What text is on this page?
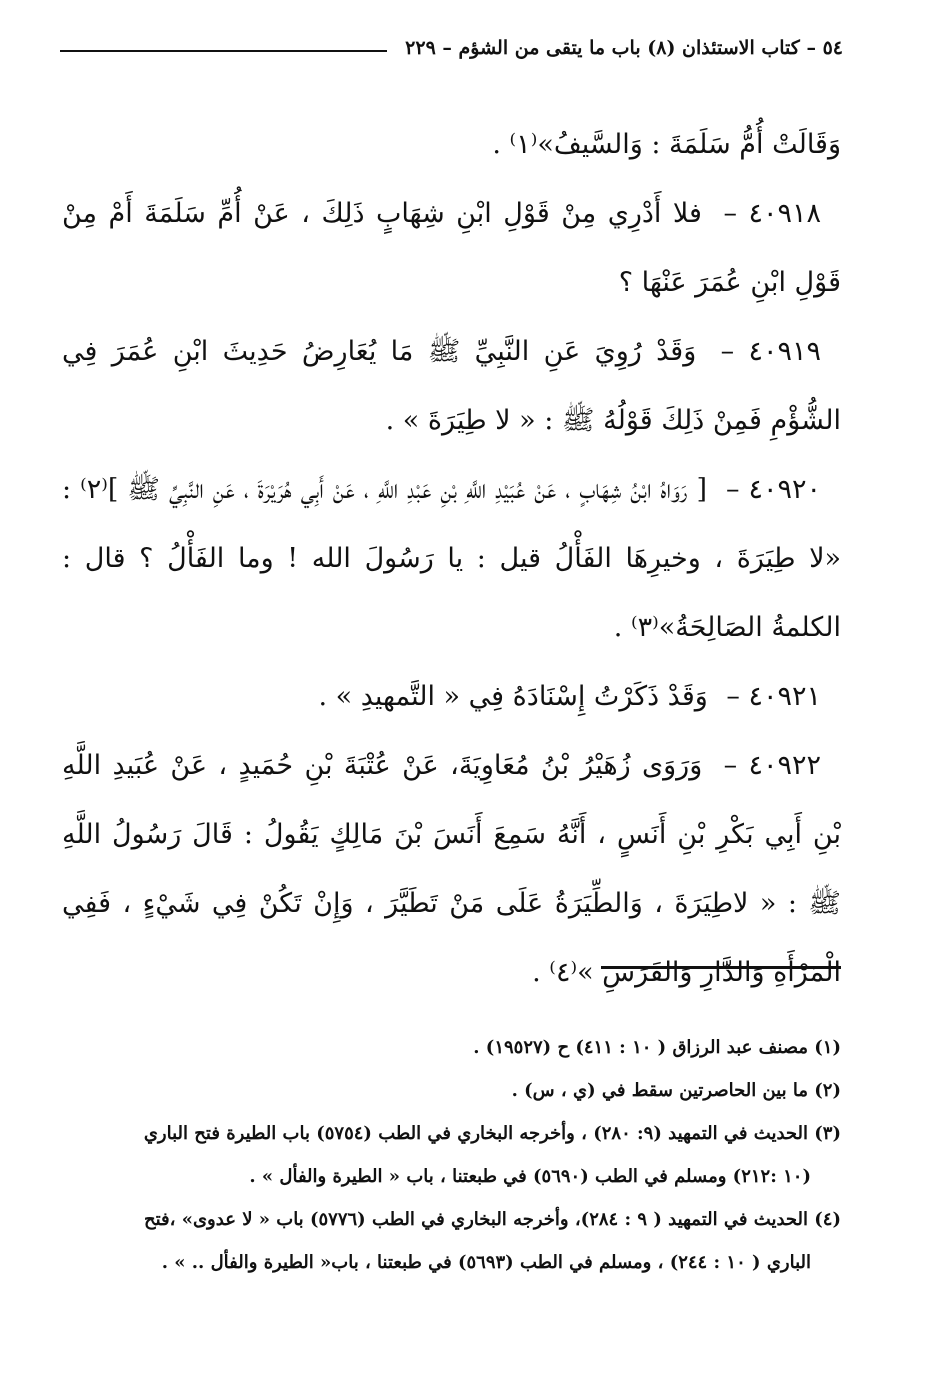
٥٤ – كتاب الاستئذان (٨) باب ما يتقى من الشؤم – ٢٢٩

وَقَالَتْ أُمُّ سَلَمَةَ : وَالسَّيفُ»⁽١⁾ .

٤٠٩١٨ – فلا أَدْرِي مِنْ قَوْلِ ابْنِ شِهَابٍ ذَلِكَ ، عَنْ أُمِّ سَلَمَةَ أَمْ مِنْ قَوْلِ ابْنِ عُمَرَ عَنْهَا ؟

٤٠٩١٩ – وَقَدْ رُوِيَ عَنِ النَّبِيِّ ﷺ مَا يُعَارِضُ حَدِيثَ ابْنِ عُمَرَ فِي الشُّؤْمِ فَمِنْ ذَلِكَ قَوْلُهُ ﷺ : « لا طِيَرَةَ » .

٤٠٩٢٠ – [ رَوَاهُ ابْنُ شِهَابٍ ، عَنْ عُبَيْدِ اللَّهِ بْنِ عَبْدِ اللَّهِ ، عَنْ أَبِي هُرَيْرَةَ ، عَنِ النَّبِيِّ ﷺ ]⁽٢⁾ : «لا طِيَرَةَ ، وخيرِهَا الفَأْلُ قيل : يا رَسُولَ الله ! وما الفَأْلُ ؟ قال : الكلمةُ الصَالِحَةُ»⁽٣⁾ .

٤٠٩٢١ – وَقَدْ ذَكَرْتُ إِسْنَادَهُ فِي « التَّمهيدِ » .

٤٠٩٢٢ – وَرَوَى زُهَيْرُ بْنُ مُعَاوِيَةَ، عَنْ عُتْبَةَ بْنِ حُمَيدٍ ، عَنْ عُبَيدِ اللَّهِ بْنِ أَبِي بَكْرِ بْنِ أَنَسٍ ، أَنَّهُ سَمِعَ أَنَسَ بْنَ مَالِكٍ يَقُولُ : قَالَ رَسُولُ اللَّهِ ﷺ : « لاطِيَرَةَ ، وَالطِّيَرَةُ عَلَى مَنْ تَطَيَّرَ ، وَإِنْ تَكُنْ فِي شَيْءٍ ، فَفِي الْمَرْأَةِ وَالدَّارِ وَالفَرَسِ »⁽٤⁾ .

(١) مصنف عبد الرزاق ( ١٠ : ٤١١) ح (١٩٥٢٧) .

(٢) ما بين الحاصرتين سقط في (ي ، س) .

(٣) الحديث في التمهيد (٩: ٢٨٠) ، وأخرجه البخاري في الطب (٥٧٥٤) باب الطيرة فتح الباري

(١٠ :٢١٢) ومسلم في الطب (٥٦٩٠) في طبعتنا ، باب « الطيرة والفأل » .

(٤) الحديث في التمهيد ( ٩ : ٢٨٤)، وأخرجه البخاري في الطب (٥٧٧٦) باب « لا عدوى» ،فتح

الباري ( ١٠ : ٢٤٤) ، ومسلم في الطب (٥٦٩٣) في طبعتنا ، باب« الطيرة والفأل .. » .
